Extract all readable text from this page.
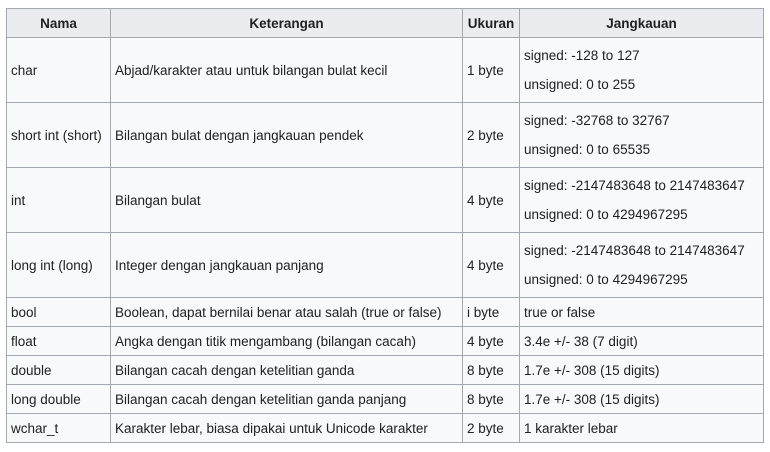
Nama	Keterangan	Ukuran	Jangkauan
char	Abjad/karakter atau untuk bilangan bulat kecil	1 byte	signed: -128 to 127
unsigned: 0 to 255

short int (short)	Bilangan bulat dengan jangkauan pendek	2 byte	signed: -32768 to 32767
unsigned: 0 to 65535

int	Bilangan bulat	4 byte	signed: -2147483648 to 2147483647
unsigned: 0 to 4294967295

long int (long)	Integer dengan jangkauan panjang	4 byte	signed: -2147483648 to 2147483647
unsigned: 0 to 4294967295

bool	Boolean, dapat bernilai benar atau salah (true or false)	i byte	true or false
float	Angka dengan titik mengambang (bilangan cacah)	4 byte	3.4e +/- 38 (7 digit)
double	Bilangan cacah dengan ketelitian ganda	8 byte	1.7e +/- 308 (15 digits)
long double	Bilangan cacah dengan ketelitian ganda panjang	8 byte	1.7e +/- 308 (15 digits)
wchar_t	Karakter lebar, biasa dipakai untuk Unicode karakter	2 byte	1 karakter lebar
